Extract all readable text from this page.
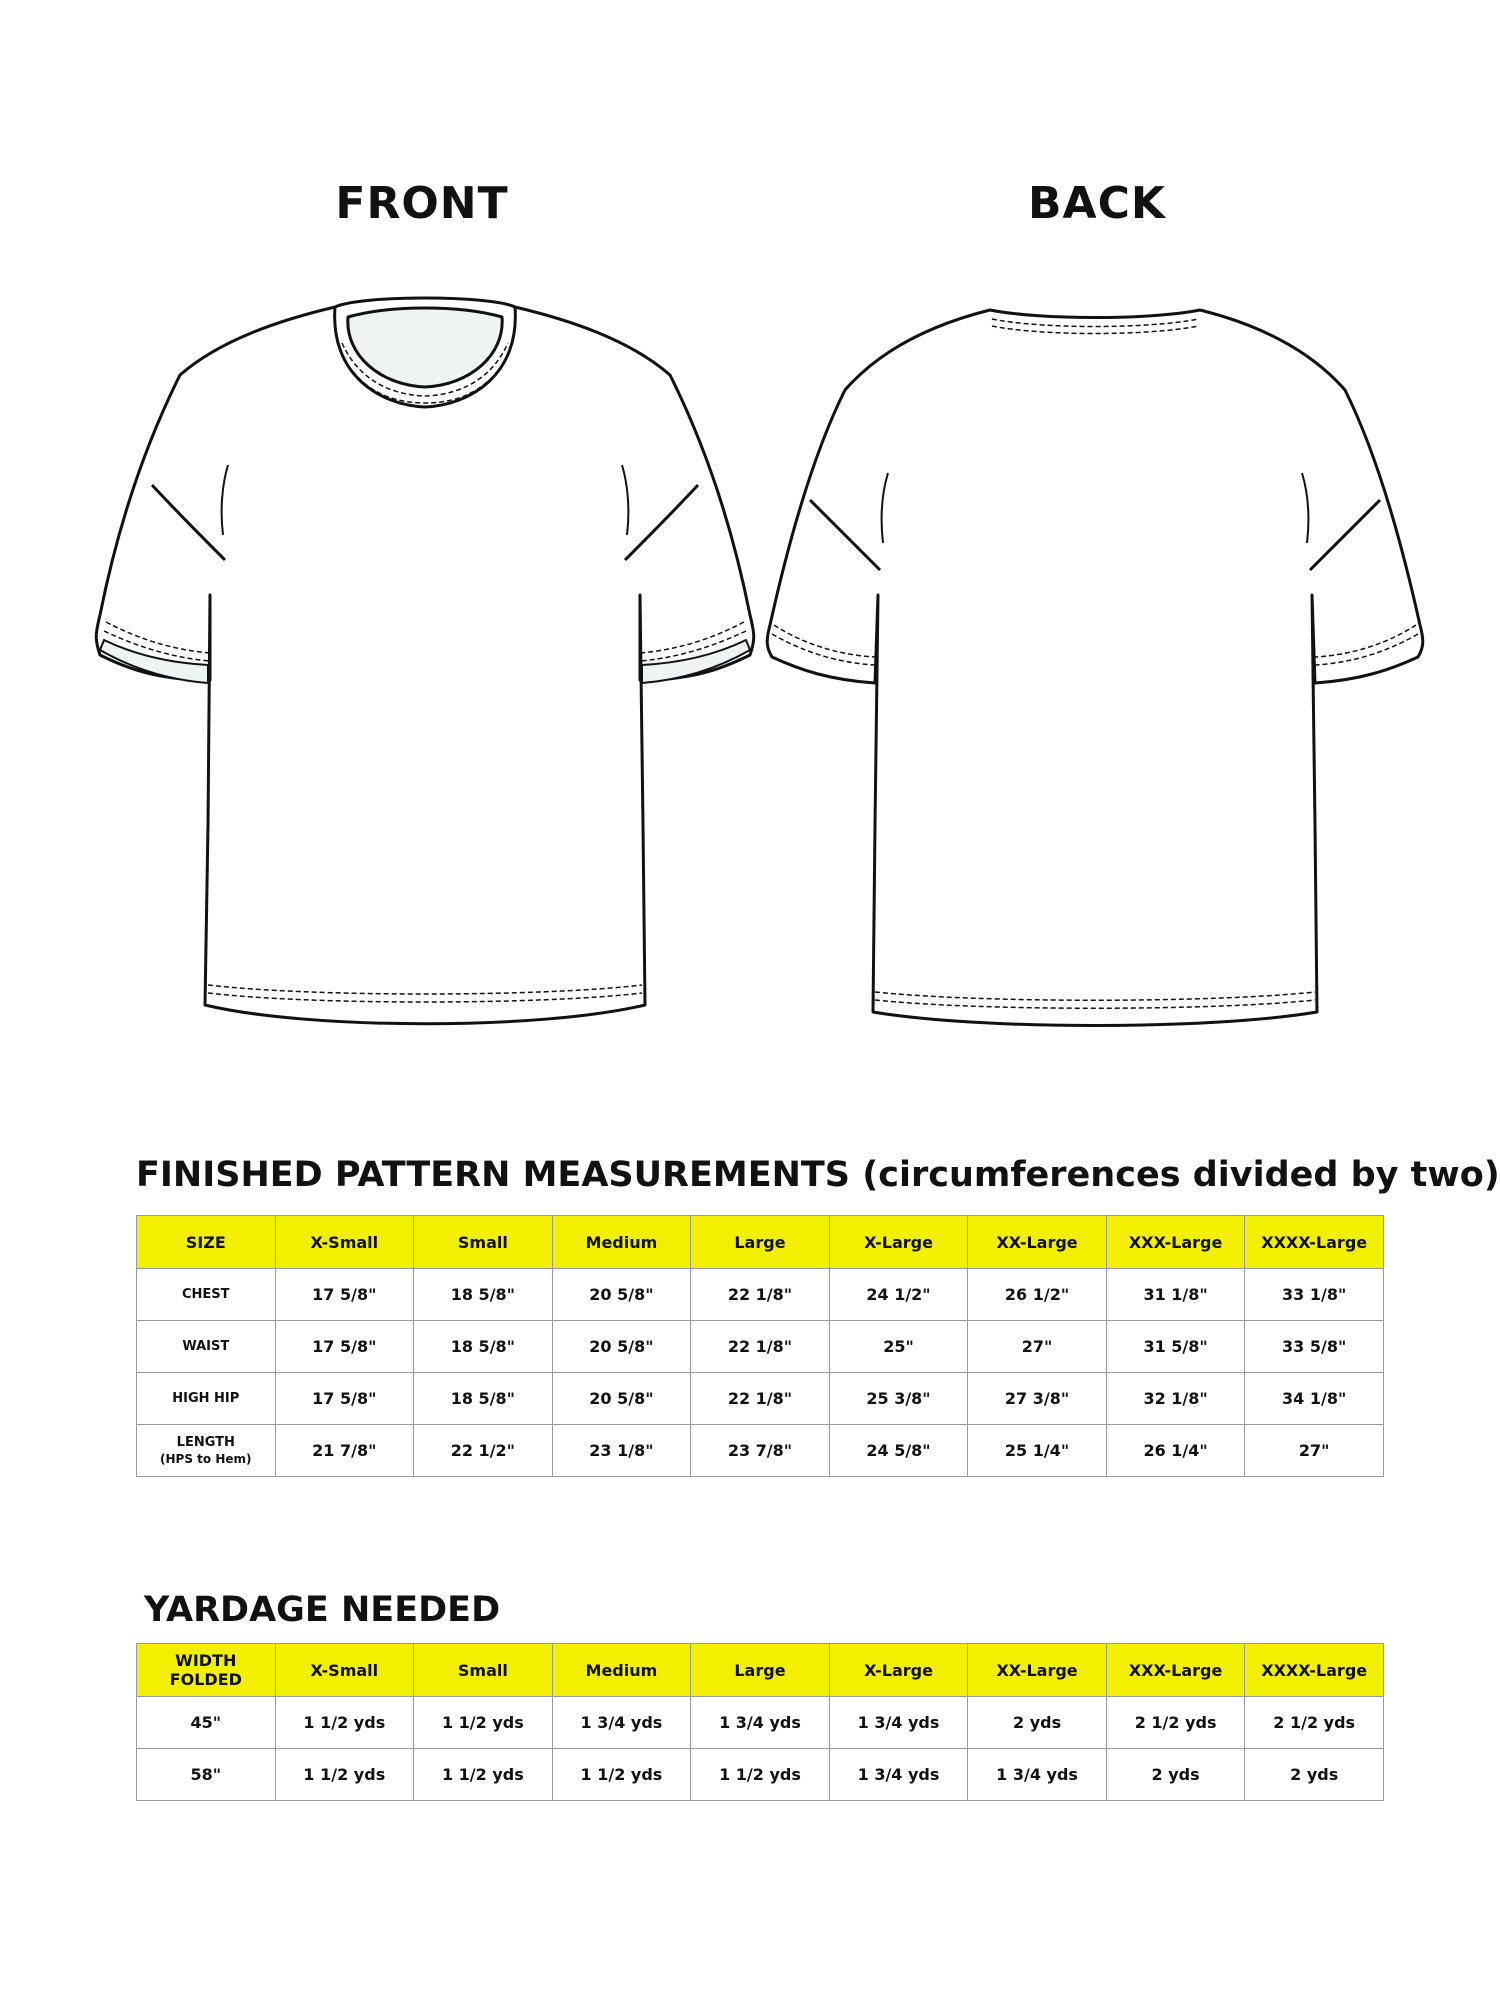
FRONT	BACK
FINISHED PATTERN MEASUREMENTS (circumferences divided by two)
SIZE	X-Small	Small	Medium	Large	X-Large	XX-Large	XXX-Large	XXXX-Large
CHEST	17 5/8"	18 5/8"	20 5/8"	22 1/8"	24 1/2"	26 1/2"	31 1/8"	33 1/8"
WAIST	17 5/8"	18 5/8"	20 5/8"	22 1/8"	25"	27"	31 5/8"	33 5/8"
HIGH HIP	17 5/8"	18 5/8"	20 5/8"	22 1/8"	25 3/8"	27 3/8"	32 1/8"	34 1/8"

LENGTH
(HPS to Hem)	21 7/8"	22 1/2"	23 1/8"	23 7/8"	24 5/8"	25 1/4"	26 1/4"	27"
YARDAGE NEEDED
WIDTH
FOLDED	X-Small	Small	Medium	Large	X-Large	XX-Large	XXX-Large	XXXX-Large
45"	1 1/2 yds	1 1/2 yds	1 3/4 yds	1 3/4 yds	1 3/4 yds	2 yds	2 1/2 yds	2 1/2 yds
58"	1 1/2 yds	1 1/2 yds	1 1/2 yds	1 1/2 yds	1 3/4 yds	1 3/4 yds	2 yds	2 yds
